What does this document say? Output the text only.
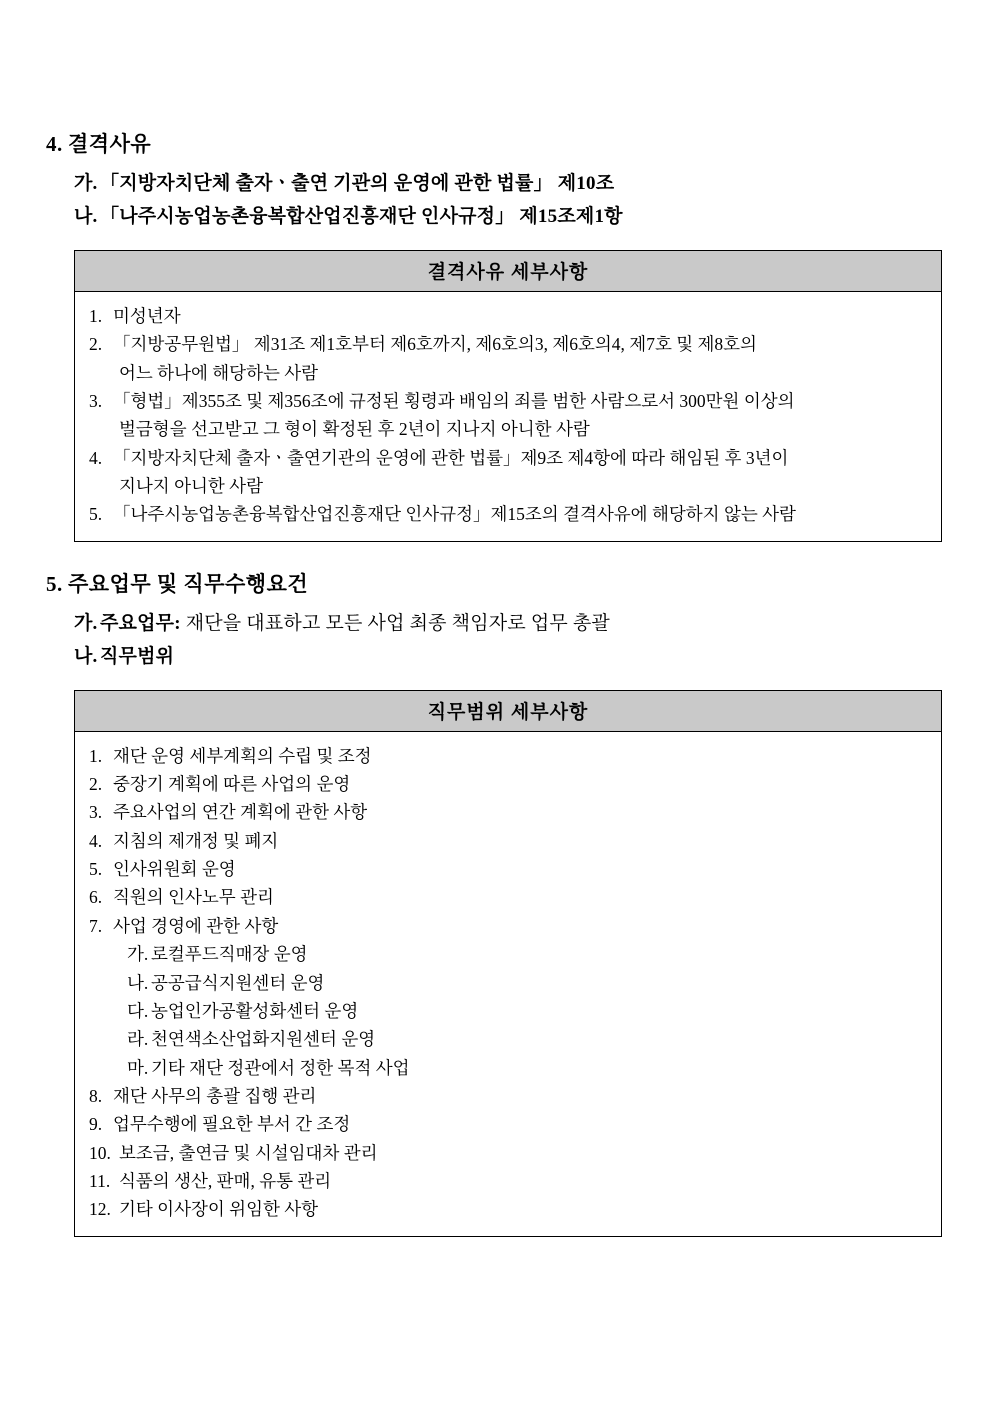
4. 결격사유
가. 「지방자치단체 출자ㆍ출연 기관의 운영에 관한 법률」 제10조
나. 「나주시농업농촌융복합산업진흥재단 인사규정」 제15조제1항
결격사유 세부사항

1. 미성년자
2. 「지방공무원법」 제31조 제1호부터 제6호까지, 제6호의3, 제6호의4, 제7호 및 제8호의
어느 하나에 해당하는 사람
3. 「형법」제355조 및 제356조에 규정된 횡령과 배임의 죄를 범한 사람으로서 300만원 이상의
벌금형을 선고받고 그 형이 확정된 후 2년이 지나지 아니한 사람
4. 「지방자치단체 출자ㆍ출연기관의 운영에 관한 법률」제9조 제4항에 따라 해임된 후 3년이
지나지 아니한 사람
5. 「나주시농업농촌융복합산업진흥재단 인사규정」제15조의 결격사유에 해당하지 않는 사람
5. 주요업무 및 직무수행요건
가. 주요업무: 재단을 대표하고 모든 사업 최종 책임자로 업무 총괄
나. 직무범위
직무범위 세부사항

1. 재단 운영 세부계획의 수립 및 조정
2. 중장기 계획에 따른 사업의 운영
3. 주요사업의 연간 계획에 관한 사항
4. 지침의 제개정 및 폐지
5. 인사위원회 운영
6. 직원의 인사노무 관리
7. 사업 경영에 관한 사항
가. 로컬푸드직매장 운영
나. 공공급식지원센터 운영
다. 농업인가공활성화센터 운영
라. 천연색소산업화지원센터 운영
마. 기타 재단 정관에서 정한 목적 사업
8. 재단 사무의 총괄 집행 관리
9. 업무수행에 필요한 부서 간 조정
10. 보조금, 출연금 및 시설임대차 관리
11. 식품의 생산, 판매, 유통 관리
12. 기타 이사장이 위임한 사항
